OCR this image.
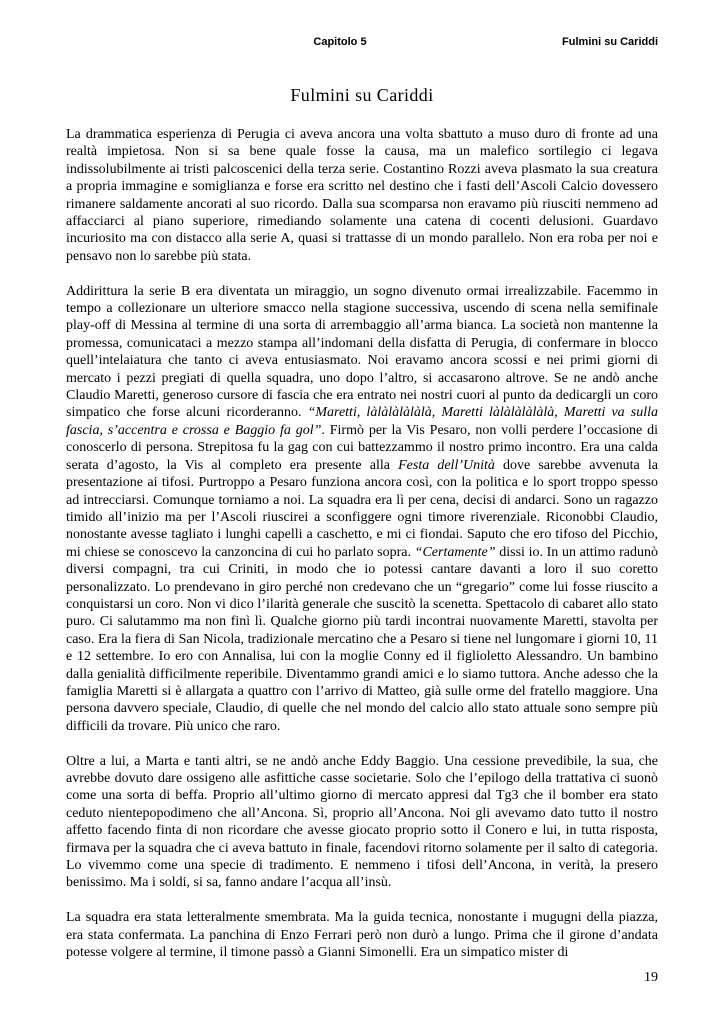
Capitolo 5	Fulmini su Cariddi
Fulmini su Cariddi

La drammatica esperienza di Perugia ci aveva ancora una volta sbattuto a muso duro di fronte ad una realtà impietosa. Non si sa bene quale fosse la causa, ma un malefico sortilegio ci legava indissolubilmente ai tristi palcoscenici della terza serie. Costantino Rozzi aveva plasmato la sua creatura a propria immagine e somiglianza e forse era scritto nel destino che i fasti dell’Ascoli Calcio dovessero rimanere saldamente ancorati al suo ricordo. Dalla sua scomparsa non eravamo più riusciti nemmeno ad affacciarci al piano superiore, rimediando solamente una catena di cocenti delusioni. Guardavo incuriosito ma con distacco alla serie A, quasi si trattasse di un mondo parallelo. Non era roba per noi e pensavo non lo sarebbe più stata.

Addirittura la serie B era diventata un miraggio, un sogno divenuto ormai irrealizzabile. Facemmo in tempo a collezionare un ulteriore smacco nella stagione successiva, uscendo di scena nella semifinale play-off di Messina al termine di una sorta di arrembaggio all’arma bianca. La società non mantenne la promessa, comunicataci a mezzo stampa all’indomani della disfatta di Perugia, di confermare in blocco quell’intelaiatura che tanto ci aveva entusiasmato. Noi eravamo ancora scossi e nei primi giorni di mercato i pezzi pregiati di quella squadra, uno dopo l’altro, si accasarono altrove. Se ne andò anche Claudio Maretti, generoso cursore di fascia che era entrato nei nostri cuori al punto da dedicargli un coro simpatico che forse alcuni ricorderanno. “Maretti, làlàlàlàlàlà, Maretti làlàlàlàlàlà, Maretti va sulla fascia, s’accentra e crossa e Baggio fa gol”. Firmò per la Vis Pesaro, non volli perdere l’occasione di conoscerlo di persona. Strepitosa fu la gag con cui battezzammo il nostro primo incontro. Era una calda serata d’agosto, la Vis al completo era presente alla Festa dell’Unità dove sarebbe avvenuta la presentazione ai tifosi. Purtroppo a Pesaro funziona ancora così, con la politica e lo sport troppo spesso ad intrecciarsi. Comunque torniamo a noi. La squadra era lì per cena, decisi di andarci. Sono un ragazzo timido all’inizio ma per l’Ascoli riuscirei a sconfiggere ogni timore riverenziale. Riconobbi Claudio, nonostante avesse tagliato i lunghi capelli a caschetto, e mi ci fiondai. Saputo che ero tifoso del Picchio, mi chiese se conoscevo la canzoncina di cui ho parlato sopra. “Certamente” dissi io. In un attimo radunò diversi compagni, tra cui Criniti, in modo che io potessi cantare davanti a loro il suo coretto personalizzato. Lo prendevano in giro perché non credevano che un “gregario” come lui fosse riuscito a conquistarsi un coro. Non vi dico l’ilarità generale che suscitò la scenetta. Spettacolo di cabaret allo stato puro. Ci salutammo ma non finì lì. Qualche giorno più tardi incontrai nuovamente Maretti, stavolta per caso. Era la fiera di San Nicola, tradizionale mercatino che a Pesaro si tiene nel lungomare i giorni 10, 11 e 12 settembre. Io ero con Annalisa, lui con la moglie Conny ed il figlioletto Alessandro. Un bambino dalla genialità difficilmente reperibile. Diventammo grandi amici e lo siamo tuttora. Anche adesso che la famiglia Maretti si è allargata a quattro con l’arrivo di Matteo, già sulle orme del fratello maggiore. Una persona davvero speciale, Claudio, di quelle che nel mondo del calcio allo stato attuale sono sempre più difficili da trovare. Più unico che raro.

Oltre a lui, a Marta e tanti altri, se ne andò anche Eddy Baggio. Una cessione prevedibile, la sua, che avrebbe dovuto dare ossigeno alle asfittiche casse societarie. Solo che l’epilogo della trattativa ci suonò come una sorta di beffa. Proprio all’ultimo giorno di mercato appresi dal Tg3 che il bomber era stato ceduto nientepopodimeno che all’Ancona. Sì, proprio all’Ancona. Noi gli avevamo dato tutto il nostro affetto facendo finta di non ricordare che avesse giocato proprio sotto il Conero e lui, in tutta risposta, firmava per la squadra che ci aveva battuto in finale, facendovi ritorno solamente per il salto di categoria. Lo vivemmo come una specie di tradimento. E nemmeno i tifosi dell’Ancona, in verità, la presero benissimo. Ma i soldi, si sa, fanno andare l’acqua all’insù.

La squadra era stata letteralmente smembrata. Ma la guida tecnica, nonostante i mugugni della piazza, era stata confermata. La panchina di Enzo Ferrari però non durò a lungo. Prima che il girone d’andata potesse volgere al termine, il timone passò a Gianni Simonelli. Era un simpatico mister di

19
